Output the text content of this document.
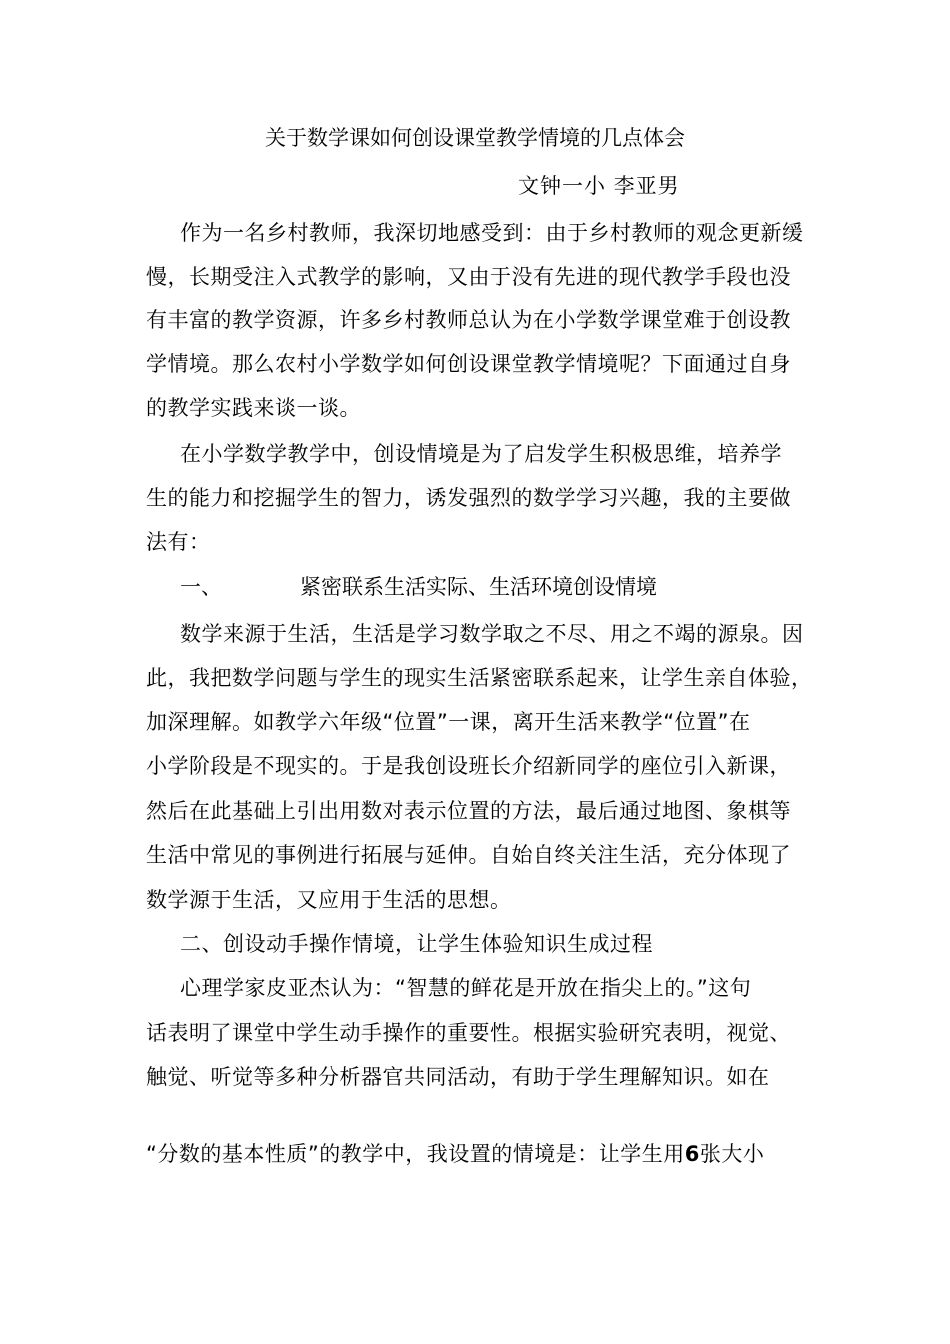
关于数学课如何创设课堂教学情境的几点体会
文钟一小 李亚男
作为一名乡村教师，我深切地感受到：由于乡村教师的观念更新缓
慢，长期受注入式教学的影响，又由于没有先进的现代教学手段也没
有丰富的教学资源，许多乡村教师总认为在小学数学课堂难于创设教
学情境。那么农村小学数学如何创设课堂教学情境呢？下面通过自身
的教学实践来谈一谈。
在小学数学教学中，创设情境是为了启发学生积极思维，培养学
生的能力和挖掘学生的智力，诱发强烈的数学学习兴趣，我的主要做
法有：
一、	紧密联系生活实际、生活环境创设情境
数学来源于生活，生活是学习数学取之不尽、用之不竭的源泉。因
此，我把数学问题与学生的现实生活紧密联系起来，让学生亲自体验，
加深理解。如教学六年级“位置”一课，离开生活来教学“位置”在
小学阶段是不现实的。于是我创设班长介绍新同学的座位引入新课，
然后在此基础上引出用数对表示位置的方法，最后通过地图、象棋等
生活中常见的事例进行拓展与延伸。自始自终关注生活，充分体现了
数学源于生活，又应用于生活的思想。
二、创设动手操作情境，让学生体验知识生成过程
心理学家皮亚杰认为：“智慧的鲜花是开放在指尖上的。”这句
话表明了课堂中学生动手操作的重要性。根据实验研究表明，视觉、
触觉、听觉等多种分析器官共同活动，有助于学生理解知识。如在
“分数的基本性质”的教学中，我设置的情境是：让学生用6张大小
